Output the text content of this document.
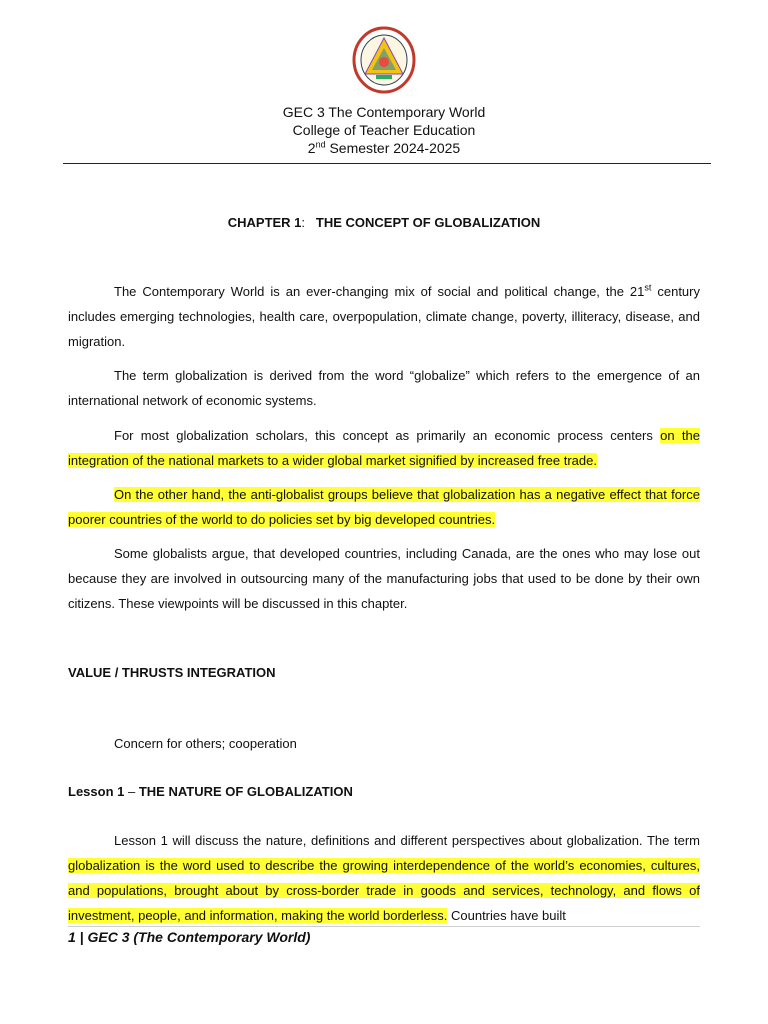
GEC 3 The Contemporary World
College of Teacher Education
2nd Semester 2024-2025
CHAPTER 1: THE CONCEPT OF GLOBALIZATION

The Contemporary World is an ever-changing mix of social and political change, the 21st century includes emerging technologies, health care, overpopulation, climate change, poverty, illiteracy, disease, and migration.

The term globalization is derived from the word “globalize” which refers to the emergence of an international network of economic systems.

For most globalization scholars, this concept as primarily an economic process centers on the integration of the national markets to a wider global market signified by increased free trade.

On the other hand, the anti-globalist groups believe that globalization has a negative effect that force poorer countries of the world to do policies set by big developed countries.

Some globalists argue, that developed countries, including Canada, are the ones who may lose out because they are involved in outsourcing many of the manufacturing jobs that used to be done by their own citizens. These viewpoints will be discussed in this chapter.

VALUE / THRUSTS INTEGRATION
Concern for others; cooperation
Lesson 1 – THE NATURE OF GLOBALIZATION

Lesson 1 will discuss the nature, definitions and different perspectives about globalization. The term globalization is the word used to describe the growing interdependence of the world’s economies, cultures, and populations, brought about by cross-border trade in goods and services, technology, and flows of investment, people, and information, making the world borderless. Countries have built

1 | GEC 3 (The Contemporary World)
